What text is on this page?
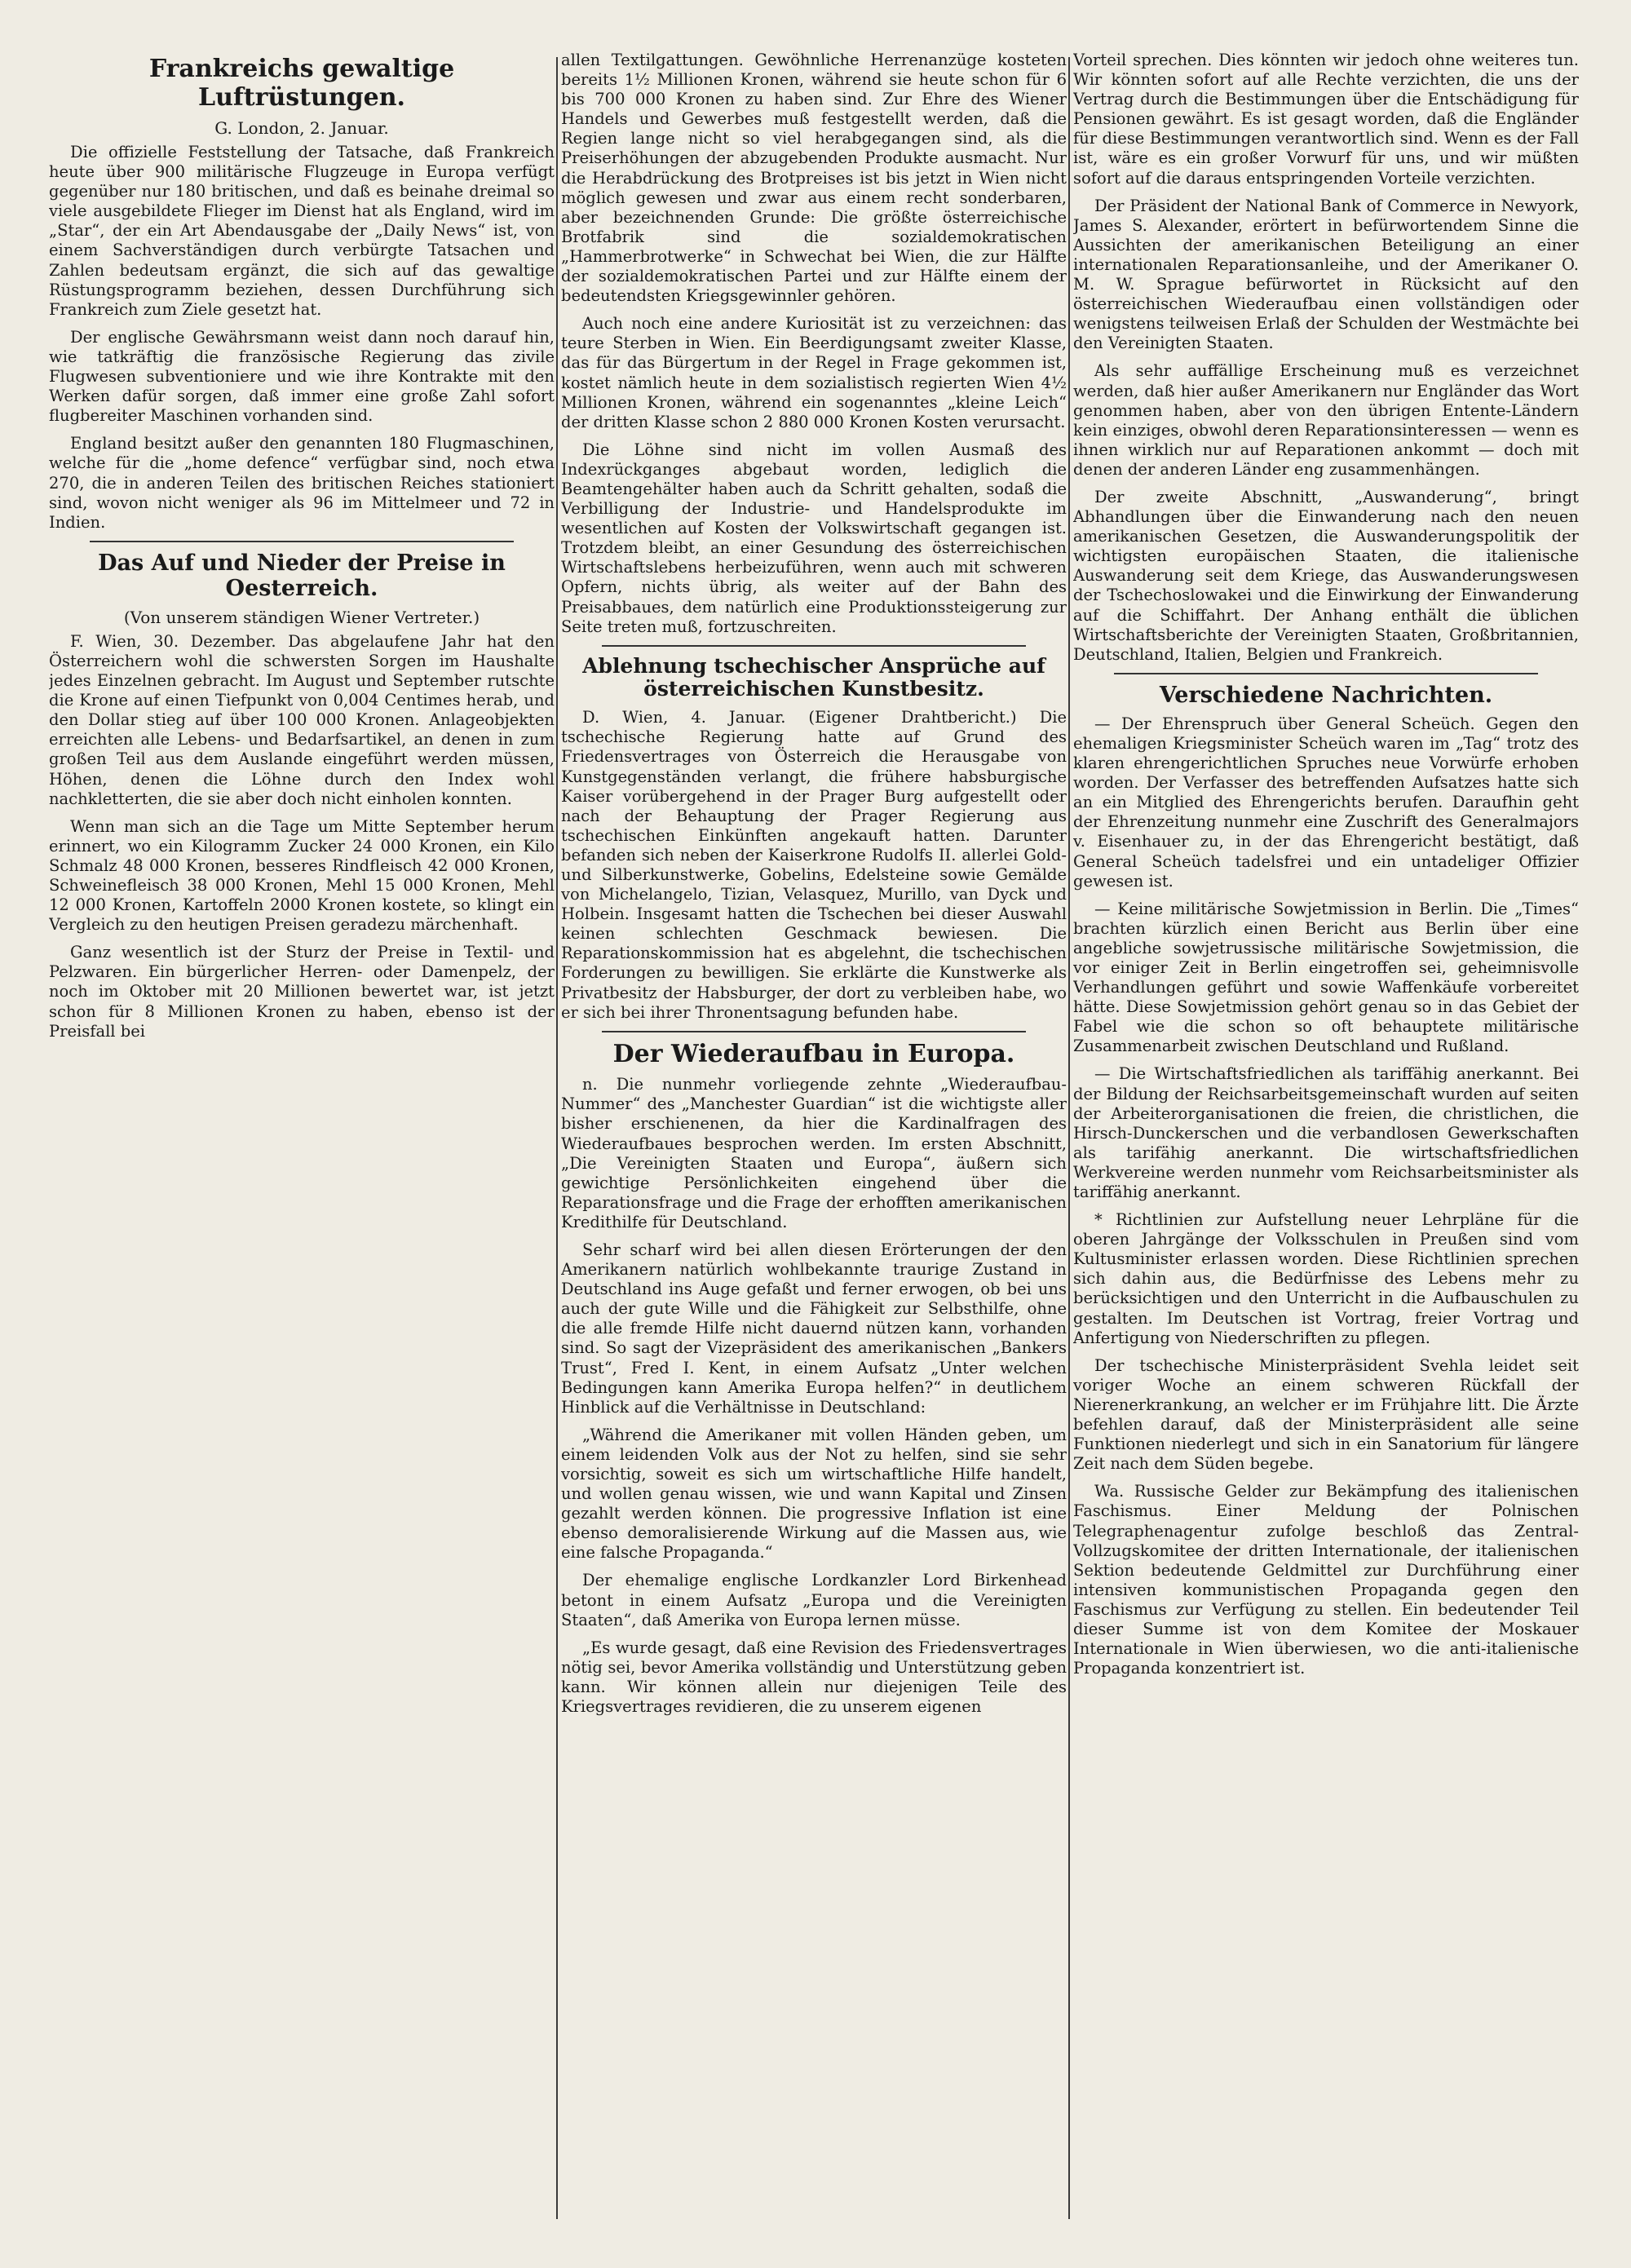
Frankreichs gewaltige Luftrüstungen.
G. London, 2. Januar.

Die offizielle Feststellung der Tatsache, daß Frankreich heute über 900 militärische Flugzeuge in Europa verfügt gegenüber nur 180 britischen, und daß es beinahe dreimal so viele ausgebildete Flieger im Dienst hat als England, wird im „Star“, der ein Art Abendausgabe der „Daily News“ ist, von einem Sachverständigen durch verbürgte Tatsachen und Zahlen bedeutsam ergänzt, die sich auf das gewaltige Rüstungsprogramm beziehen, dessen Durchführung sich Frankreich zum Ziele gesetzt hat.

Der englische Gewährsmann weist dann noch darauf hin, wie tatkräftig die französische Regierung das zivile Flugwesen subventioniere und wie ihre Kontrakte mit den Werken dafür sorgen, daß immer eine große Zahl sofort flugbereiter Maschinen vorhanden sind.

England besitzt außer den genannten 180 Flugmaschinen, welche für die „home defence“ verfügbar sind, noch etwa 270, die in anderen Teilen des britischen Reiches stationiert sind, wovon nicht weniger als 96 im Mittelmeer und 72 in Indien.

Das Auf und Nieder der Preise in Oesterreich.
(Von unserem ständigen Wiener Vertreter.)

F. Wien, 30. Dezember. Das abgelaufene Jahr hat den Österreichern wohl die schwersten Sorgen im Haushalte jedes Einzelnen gebracht. Im August und September rutschte die Krone auf einen Tiefpunkt von 0,004 Centimes herab, und den Dollar stieg auf über 100 000 Kronen. Anlageobjekten erreichten alle Lebens- und Bedarfsartikel, an denen in zum großen Teil aus dem Auslande eingeführt werden müssen, Höhen, denen die Löhne durch den Index wohl nachkletterten, die sie aber doch nicht einholen konnten.

Wenn man sich an die Tage um Mitte September herum erinnert, wo ein Kilogramm Zucker 24 000 Kronen, ein Kilo Schmalz 48 000 Kronen, besseres Rindfleisch 42 000 Kronen, Schweinefleisch 38 000 Kronen, Mehl 15 000 Kronen, Mehl 12 000 Kronen, Kartoffeln 2000 Kronen kostete, so klingt ein Vergleich zu den heutigen Preisen geradezu märchenhaft.

Ganz wesentlich ist der Sturz der Preise in Textil- und Pelzwaren. Ein bürgerlicher Herren- oder Damenpelz, der noch im Oktober mit 20 Millionen bewertet war, ist jetzt schon für 8 Millionen Kronen zu haben, ebenso ist der Preisfall bei

allen Textilgattungen. Gewöhnliche Herrenanzüge kosteten bereits 1½ Millionen Kronen, während sie heute schon für 6 bis 700 000 Kronen zu haben sind. Zur Ehre des Wiener Handels und Gewerbes muß festgestellt werden, daß die Regien lange nicht so viel herabgegangen sind, als die Preiserhöhungen der abzugebenden Produkte ausmacht. Nur die Herabdrückung des Brotpreises ist bis jetzt in Wien nicht möglich gewesen und zwar aus einem recht sonderbaren, aber bezeichnenden Grunde: Die größte österreichische Brotfabrik sind die sozialdemokratischen „Hammerbrotwerke“ in Schwechat bei Wien, die zur Hälfte der sozialdemokratischen Partei und zur Hälfte einem der bedeutendsten Kriegsgewinnler gehören.

Auch noch eine andere Kuriosität ist zu verzeichnen: das teure Sterben in Wien. Ein Beerdigungsamt zweiter Klasse, das für das Bürgertum in der Regel in Frage gekommen ist, kostet nämlich heute in dem sozialistisch regierten Wien 4½ Millionen Kronen, während ein sogenanntes „kleine Leich“ der dritten Klasse schon 2 880 000 Kronen Kosten verursacht.

Die Löhne sind nicht im vollen Ausmaß des Indexrückganges abgebaut worden, lediglich die Beamtengehälter haben auch da Schritt gehalten, sodaß die Verbilligung der Industrie- und Handelsprodukte im wesentlichen auf Kosten der Volkswirtschaft gegangen ist. Trotzdem bleibt, an einer Gesundung des österreichischen Wirtschaftslebens herbeizuführen, wenn auch mit schweren Opfern, nichts übrig, als weiter auf der Bahn des Preisabbaues, dem natürlich eine Produktionssteigerung zur Seite treten muß, fortzuschreiten.

Ablehnung tschechischer Ansprüche auf österreichischen Kunstbesitz.

D. Wien, 4. Januar. (Eigener Drahtbericht.) Die tschechische Regierung hatte auf Grund des Friedensvertrages von Österreich die Herausgabe von Kunstgegenständen verlangt, die frühere habsburgische Kaiser vorübergehend in der Prager Burg aufgestellt oder nach der Behauptung der Prager Regierung aus tschechischen Einkünften angekauft hatten. Darunter befanden sich neben der Kaiserkrone Rudolfs II. allerlei Gold- und Silberkunstwerke, Gobelins, Edelsteine sowie Gemälde von Michelangelo, Tizian, Velasquez, Murillo, van Dyck und Holbein. Insgesamt hatten die Tschechen bei dieser Auswahl keinen schlechten Geschmack bewiesen. Die Reparationskommission hat es abgelehnt, die tschechischen Forderungen zu bewilligen. Sie erklärte die Kunstwerke als Privatbesitz der Habsburger, der dort zu verbleiben habe, wo er sich bei ihrer Thronentsagung befunden habe.

Der Wiederaufbau in Europa.

n. Die nunmehr vorliegende zehnte „Wiederaufbau-Nummer“ des „Manchester Guardian“ ist die wichtigste aller bisher erschienenen, da hier die Kardinalfragen des Wiederaufbaues besprochen werden. Im ersten Abschnitt, „Die Vereinigten Staaten und Europa“, äußern sich gewichtige Persönlichkeiten eingehend über die Reparationsfrage und die Frage der erhofften amerikanischen Kredithilfe für Deutschland.

Sehr scharf wird bei allen diesen Erörterungen der den Amerikanern natürlich wohlbekannte traurige Zustand in Deutschland ins Auge gefaßt und ferner erwogen, ob bei uns auch der gute Wille und die Fähigkeit zur Selbsthilfe, ohne die alle fremde Hilfe nicht dauernd nützen kann, vorhanden sind. So sagt der Vizepräsident des amerikanischen „Bankers Trust“, Fred I. Kent, in einem Aufsatz „Unter welchen Bedingungen kann Amerika Europa helfen?“ in deutlichem Hinblick auf die Verhältnisse in Deutschland:

„Während die Amerikaner mit vollen Händen geben, um einem leidenden Volk aus der Not zu helfen, sind sie sehr vorsichtig, soweit es sich um wirtschaftliche Hilfe handelt, und wollen genau wissen, wie und wann Kapital und Zinsen gezahlt werden können. Die progressive Inflation ist eine ebenso demoralisierende Wirkung auf die Massen aus, wie eine falsche Propaganda.“

Der ehemalige englische Lordkanzler Lord Birkenhead betont in einem Aufsatz „Europa und die Vereinigten Staaten“, daß Amerika von Europa lernen müsse.

„Es wurde gesagt, daß eine Revision des Friedensvertrages nötig sei, bevor Amerika vollständig und Unterstützung geben kann. Wir können allein nur diejenigen Teile des Kriegsvertrages revidieren, die zu unserem eigenen

Vorteil sprechen. Dies könnten wir jedoch ohne weiteres tun. Wir könnten sofort auf alle Rechte verzichten, die uns der Vertrag durch die Bestimmungen über die Entschädigung für Pensionen gewährt. Es ist gesagt worden, daß die Engländer für diese Bestimmungen verantwortlich sind. Wenn es der Fall ist, wäre es ein großer Vorwurf für uns, und wir müßten sofort auf die daraus entspringenden Vorteile verzichten.

Der Präsident der National Bank of Commerce in Newyork, James S. Alexander, erörtert in befürwortendem Sinne die Aussichten der amerikanischen Beteiligung an einer internationalen Reparationsanleihe, und der Amerikaner O. M. W. Sprague befürwortet in Rücksicht auf den österreichischen Wiederaufbau einen vollständigen oder wenigstens teilweisen Erlaß der Schulden der Westmächte bei den Vereinigten Staaten.

Als sehr auffällige Erscheinung muß es verzeichnet werden, daß hier außer Amerikanern nur Engländer das Wort genommen haben, aber von den übrigen Entente-Ländern kein einziges, obwohl deren Reparationsinteressen — wenn es ihnen wirklich nur auf Reparationen ankommt — doch mit denen der anderen Länder eng zusammenhängen.

Der zweite Abschnitt, „Auswanderung“, bringt Abhandlungen über die Einwanderung nach den neuen amerikanischen Gesetzen, die Auswanderungspolitik der wichtigsten europäischen Staaten, die italienische Auswanderung seit dem Kriege, das Auswanderungswesen der Tschechoslowakei und die Einwirkung der Einwanderung auf die Schiffahrt. Der Anhang enthält die üblichen Wirtschaftsberichte der Vereinigten Staaten, Großbritannien, Deutschland, Italien, Belgien und Frankreich.

Verschiedene Nachrichten.

— Der Ehrenspruch über General Scheüch. Gegen den ehemaligen Kriegsminister Scheüch waren im „Tag“ trotz des klaren ehrengerichtlichen Spruches neue Vorwürfe erhoben worden. Der Verfasser des betreffenden Aufsatzes hatte sich an ein Mitglied des Ehrengerichts berufen. Daraufhin geht der Ehrenzeitung nunmehr eine Zuschrift des Generalmajors v. Eisenhauer zu, in der das Ehrengericht bestätigt, daß General Scheüch tadelsfrei und ein untadeliger Offizier gewesen ist.

— Keine militärische Sowjetmission in Berlin. Die „Times“ brachten kürzlich einen Bericht aus Berlin über eine angebliche sowjetrussische militärische Sowjetmission, die vor einiger Zeit in Berlin eingetroffen sei, geheimnisvolle Verhandlungen geführt und sowie Waffenkäufe vorbereitet hätte. Diese Sowjetmission gehört genau so in das Gebiet der Fabel wie die schon so oft behauptete militärische Zusammenarbeit zwischen Deutschland und Rußland.

— Die Wirtschaftsfriedlichen als tariffähig anerkannt. Bei der Bildung der Reichsarbeitsgemeinschaft wurden auf seiten der Arbeiterorganisationen die freien, die christlichen, die Hirsch-Dunckerschen und die verbandlosen Gewerkschaften als tarifähig anerkannt. Die wirtschaftsfriedlichen Werkvereine werden nunmehr vom Reichsarbeitsminister als tariffähig anerkannt.

* Richtlinien zur Aufstellung neuer Lehrpläne für die oberen Jahrgänge der Volksschulen in Preußen sind vom Kultusminister erlassen worden. Diese Richtlinien sprechen sich dahin aus, die Bedürfnisse des Lebens mehr zu berücksichtigen und den Unterricht in die Aufbauschulen zu gestalten. Im Deutschen ist Vortrag, freier Vortrag und Anfertigung von Niederschriften zu pflegen.

Der tschechische Ministerpräsident Svehla leidet seit voriger Woche an einem schweren Rückfall der Nierenerkrankung, an welcher er im Frühjahre litt. Die Ärzte befehlen darauf, daß der Ministerpräsident alle seine Funktionen niederlegt und sich in ein Sanatorium für längere Zeit nach dem Süden begebe.

Wa. Russische Gelder zur Bekämpfung des italienischen Faschismus. Einer Meldung der Polnischen Telegraphenagentur zufolge beschloß das Zentral-Vollzugskomitee der dritten Internationale, der italienischen Sektion bedeutende Geldmittel zur Durchführung einer intensiven kommunistischen Propaganda gegen den Faschismus zur Verfügung zu stellen. Ein bedeutender Teil dieser Summe ist von dem Komitee der Moskauer Internationale in Wien überwiesen, wo die anti-italienische Propaganda konzentriert ist.
